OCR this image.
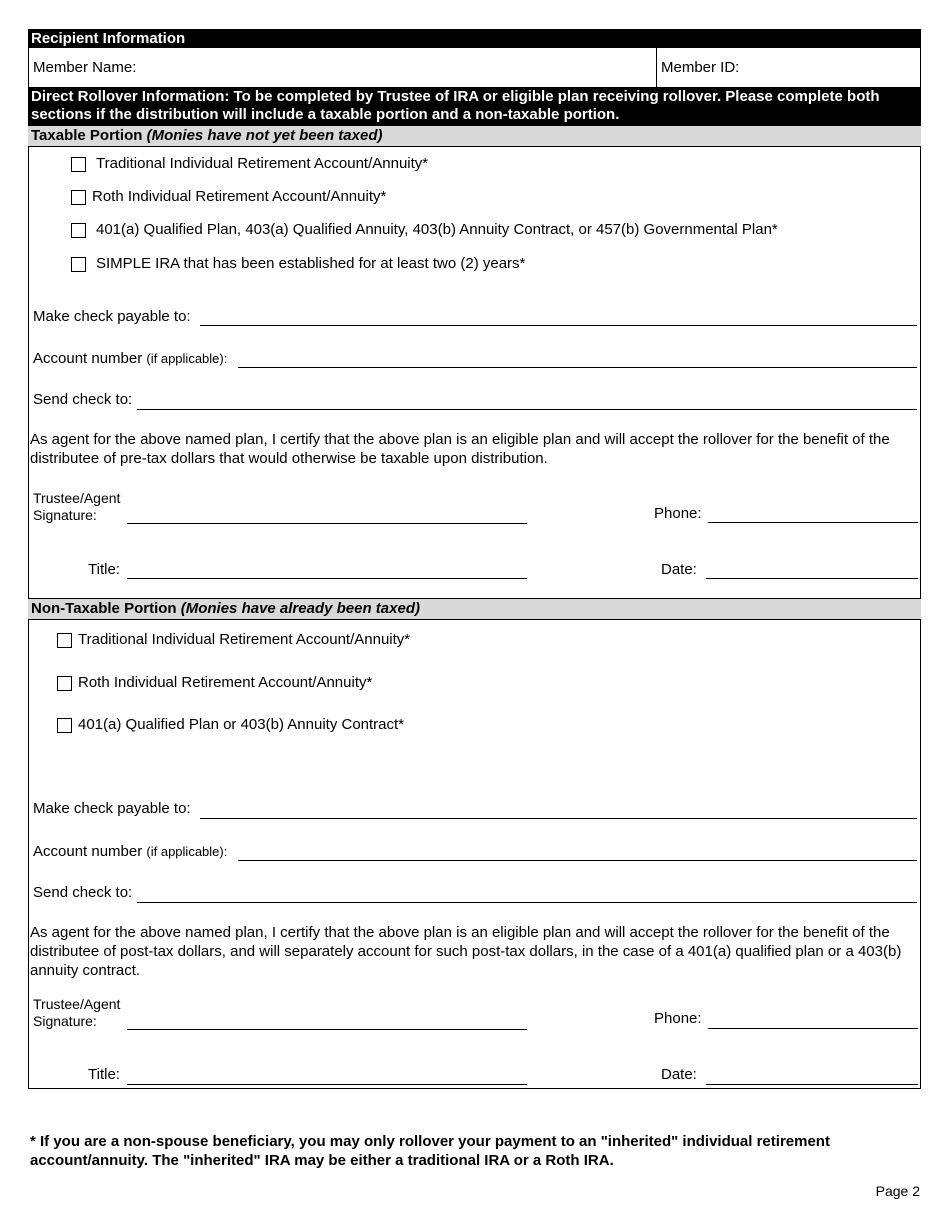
Recipient Information
Member Name:	Member ID:
Direct Rollover Information: To be completed by Trustee of IRA or eligible plan receiving rollover. Please complete both sections if the distribution will include a taxable portion and a non-taxable portion.
Taxable Portion (Monies have not yet been taxed)
Traditional Individual Retirement Account/Annuity*
Roth Individual Retirement Account/Annuity*
401(a) Qualified Plan, 403(a) Qualified Annuity, 403(b) Annuity Contract, or 457(b) Governmental Plan*
SIMPLE IRA that has been established for at least two (2) years*
Make check payable to:
Account number (if applicable):
Send check to:
As agent for the above named plan, I certify that the above plan is an eligible plan and will accept the rollover for the benefit of the distributee of pre-tax dollars that would otherwise be taxable upon distribution.
Trustee/Agent
Signature:	Phone:
Title:	Date:
Non-Taxable Portion (Monies have already been taxed)
Traditional Individual Retirement Account/Annuity*
Roth Individual Retirement Account/Annuity*
401(a) Qualified Plan or 403(b) Annuity Contract*
Make check payable to:
Account number (if applicable):
Send check to:
As agent for the above named plan, I certify that the above plan is an eligible plan and will accept the rollover for the benefit of the distributee of post-tax dollars, and will separately account for such post-tax dollars, in the case of a 401(a) qualified plan or a 403(b) annuity contract.
Trustee/Agent
Signature:	Phone:
Title:	Date:
* If you are a non-spouse beneficiary, you may only rollover your payment to an "inherited" individual retirement account/annuity. The "inherited" IRA may be either a traditional IRA or a Roth IRA.
Page 2
